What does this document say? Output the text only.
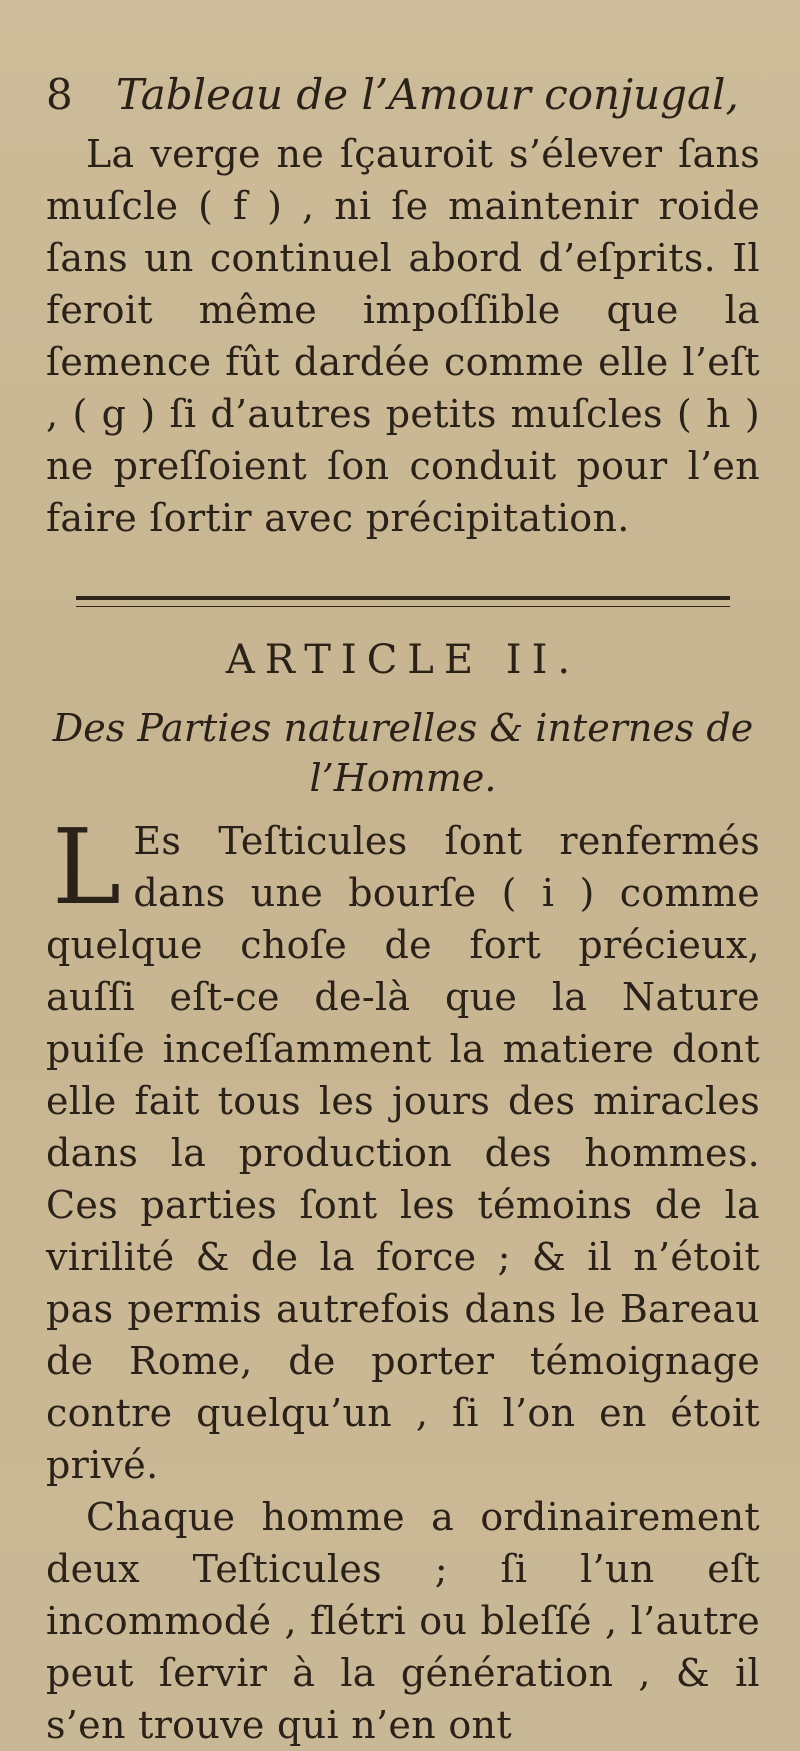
8	Tableau de l’Amour conjugal,

La verge ne ſçauroit s’élever ſans muſcle ( f ) , ni ſe maintenir roide ſans un continuel abord d’eſprits. Il feroit même impoſſible que la ſemence fût dardée comme elle l’eſt , ( g ) ſi d’autres petits muſcles ( h ) ne preſſoient ſon conduit pour l’en faire ſortir avec précipitation.

ARTICLE II.
Des Parties naturelles & internes de l’Homme.

L Es Teſticules ſont renfermés dans une bourſe ( i ) comme quelque choſe de fort précieux, auſſi eſt-ce de-là que la Nature puiſe inceſſamment la matiere dont elle fait tous les jours des miracles dans la production des hommes. Ces parties ſont les témoins de la virilité & de la force ; & il n’étoit pas permis autrefois dans le Bareau de Rome, de porter témoignage contre quelqu’un , ſi l’on en étoit privé.

Chaque homme a ordinairement deux Teſticules ; ſi l’un eſt incommodé , flétri ou bleſſé , l’autre peut ſervir à la génération , & il s’en trouve qui n’en ont
